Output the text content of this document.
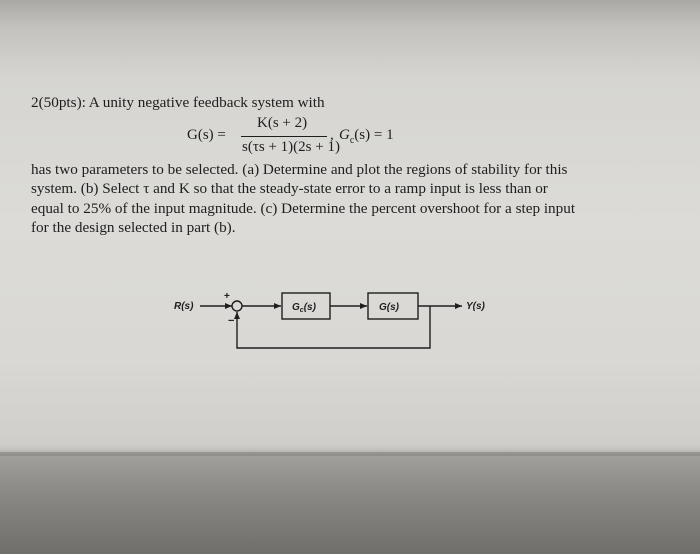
2(50pts): A unity negative feedback system with
G(s) =
K(s + 2)
s(τs + 1)(2s + 1)
, $G_c(s) = 1$
has two parameters to be selected. (a) Determine and plot the regions of stability for this
system. (b) Select τ and K so that the steady-state error to a ramp input is less than or
equal to 25% of the input magnitude. (c) Determine the percent overshoot for a step input
for the design selected in part (b).
R(s)
+
−
$G_c(s)$	G(s)	Y(s)
